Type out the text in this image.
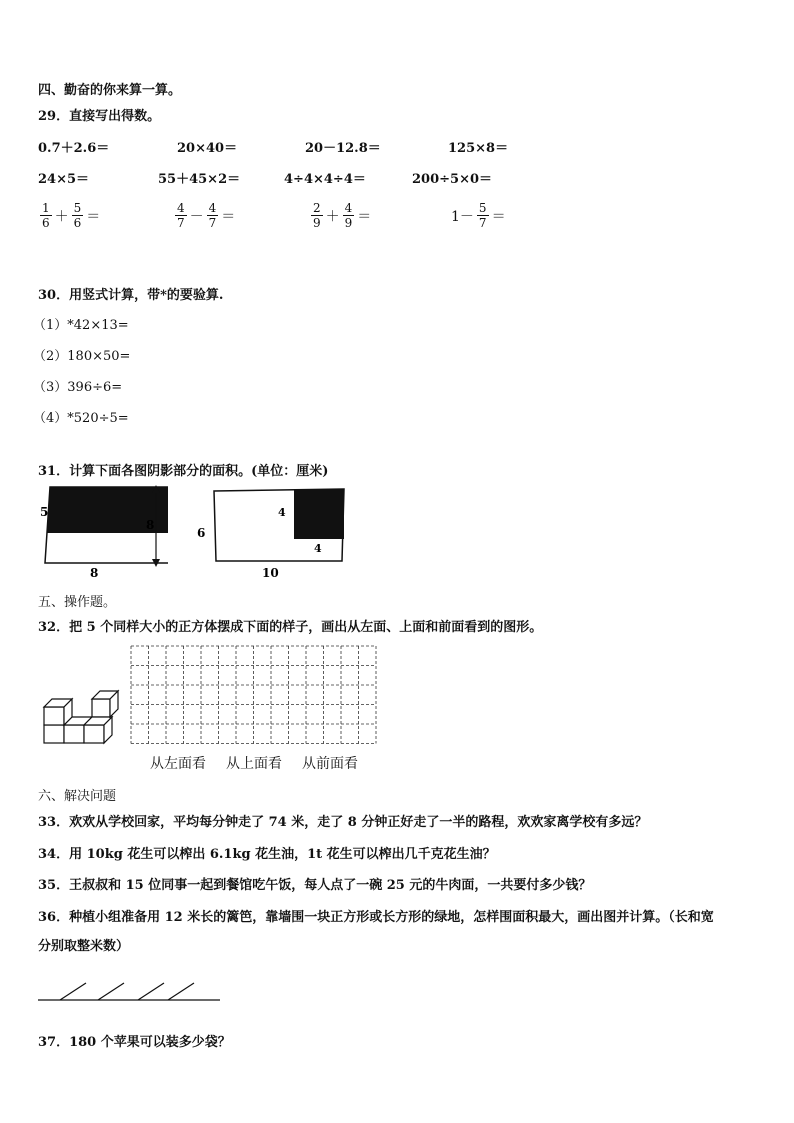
四、勤奋的你来算一算。
29．直接写出得数。
0.7＋2.6＝	20×40＝	20－12.8＝	125×8＝
24×5＝	55＋45×2＝	4÷4×4÷4＝	200÷5×0＝
$\frac{1}{6} + \frac{5}{6}$ ＝	$\frac{4}{7} - \frac{4}{7}$ ＝	$\frac{2}{9} + \frac{4}{9}$ ＝	$1- \frac{5}{7}$ ＝
30．用竖式计算，带*的要验算.
（1）*42×13=
（2）180×50=
（3）396÷6=
（4）*520÷5=
31．计算下面各图阴影部分的面积。(单位：厘米)
5
8
8
6
4
4
10
五、操作题。
32．把 5 个同样大小的正方体摆成下面的样子，画出从左面、上面和前面看到的图形。
从左面看 从上面看 从前面看
六、解决问题
33．欢欢从学校回家，平均每分钟走了 74 米，走了 8 分钟正好走了一半的路程，欢欢家离学校有多远？
34．用 10kg 花生可以榨出 6.1kg 花生油，1t 花生可以榨出几千克花生油？
35．王叔叔和 15 位同事一起到餐馆吃午饭，每人点了一碗 25 元的牛肉面，一共要付多少钱？
36．种植小组准备用 12 米长的篱笆，靠墙围一块正方形或长方形的绿地，怎样围面积最大，画出图并计算。（长和宽
分别取整米数）
37．180 个苹果可以装多少袋？
